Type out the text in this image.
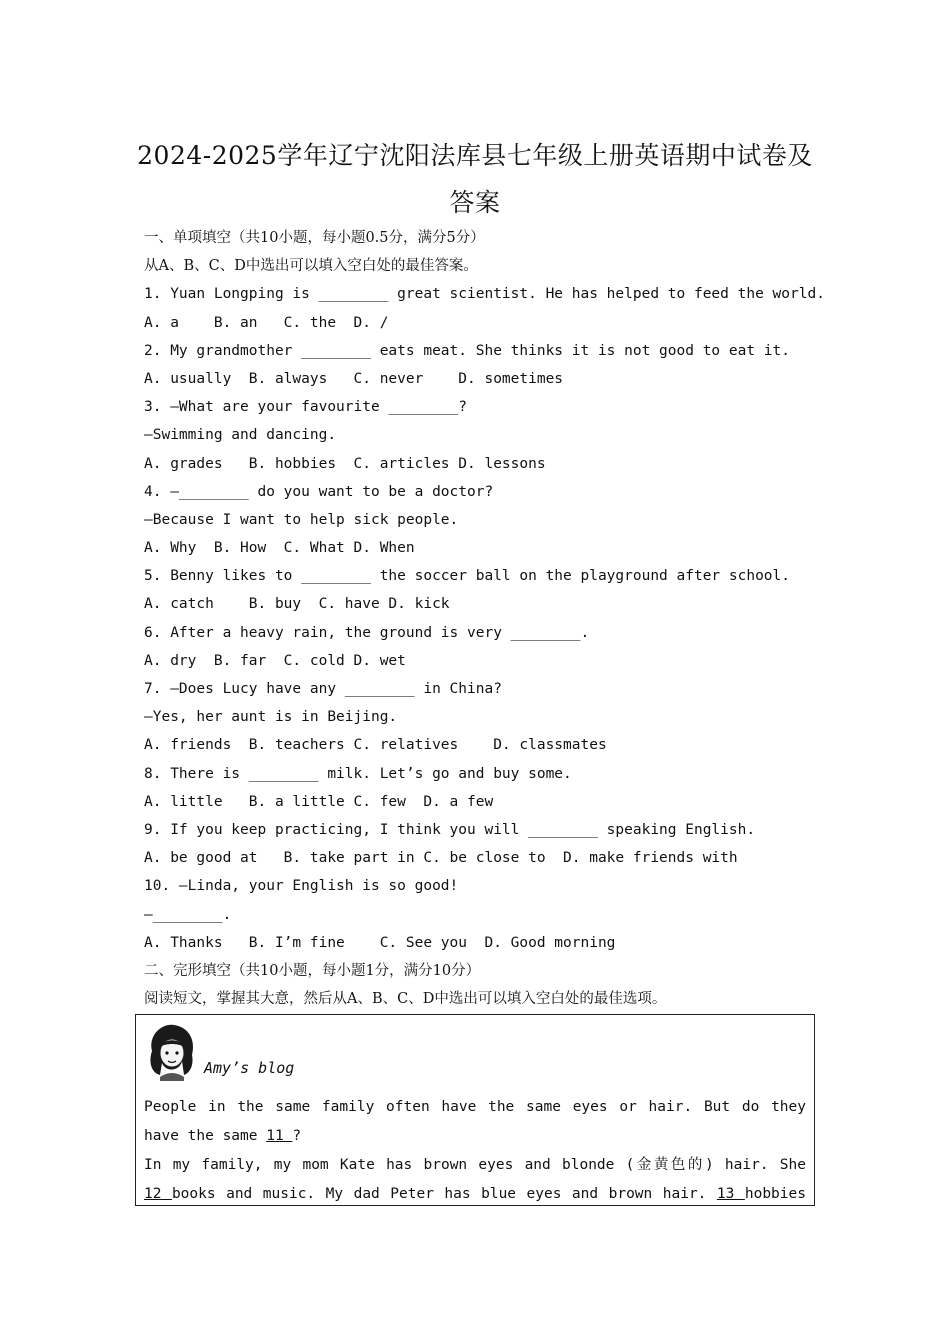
2024-2025学年辽宁沈阳法库县七年级上册英语期中试卷及
答案
一、单项填空（共10小题，每小题0.5分，满分5分）
从A、B、C、D中选出可以填入空白处的最佳答案。
1. Yuan Longping is ________ great scientist. He has helped to feed the world.
A. a    B. an   C. the  D. /
2. My grandmother ________ eats meat. She thinks it is not good to eat it.
A. usually  B. always   C. never    D. sometimes
3. —What are your favourite ________?
—Swimming and dancing.
A. grades   B. hobbies  C. articles D. lessons
4. —________ do you want to be a doctor?
—Because I want to help sick people.
A. Why  B. How  C. What D. When
5. Benny likes to ________ the soccer ball on the playground after school.
A. catch    B. buy  C. have D. kick
6. After a heavy rain, the ground is very ________.
A. dry  B. far  C. cold D. wet
7. —Does Lucy have any ________ in China?
—Yes, her aunt is in Beijing.
A. friends  B. teachers C. relatives    D. classmates
8. There is ________ milk. Let’s go and buy some.
A. little   B. a little C. few  D. a few
9. If you keep practicing, I think you will ________ speaking English.
A. be good at   B. take part in C. be close to  D. make friends with
10. —Linda, your English is so good!
—________.
A. Thanks   B. I’m fine    C. See you  D. Good morning
二、完形填空（共10小题，每小题1分，满分10分）
阅读短文，掌握其大意，然后从A、B、C、D中选出可以填入空白处的最佳选项。
Amy’s blog
People in the same family often have the same eyes or hair. But do they
have the same 11 ?
In my family, my mom Kate has brown eyes and blonde (金黄色的) hair. She
12 books and music. My dad Peter has blue eyes and brown hair. 13 hobbies
